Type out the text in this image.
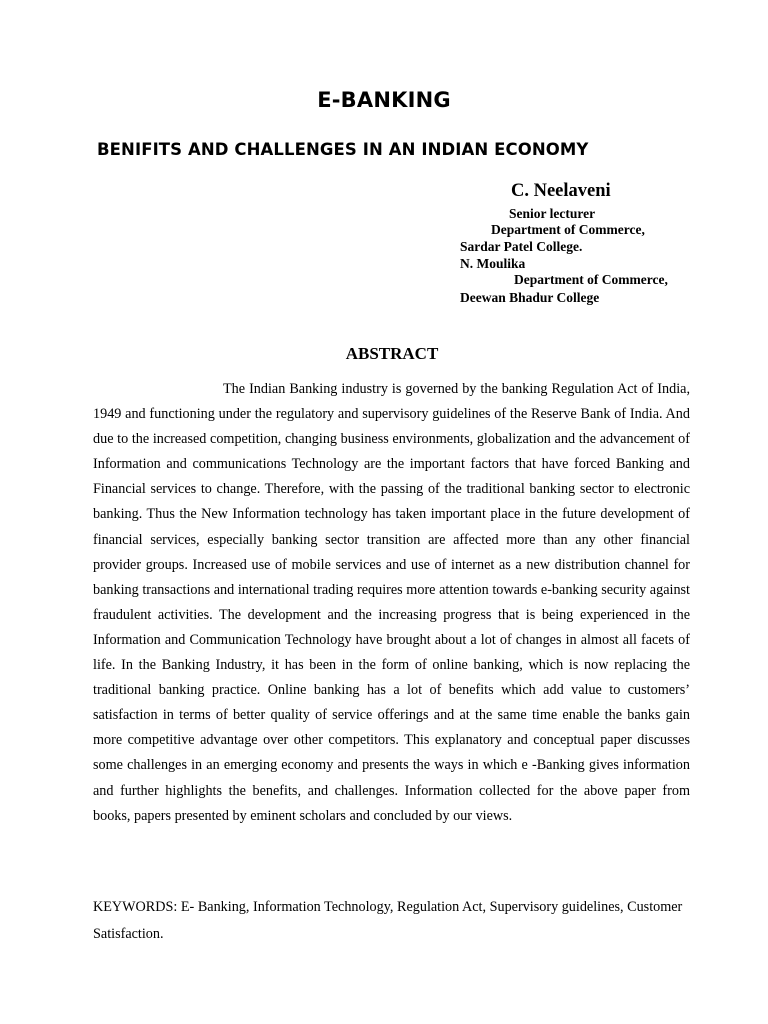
E-BANKING
BENIFITS AND CHALLENGES IN AN INDIAN ECONOMY

C. Neelaveni

Senior lecturer

Department of Commerce,

Sardar Patel College.

N. Moulika

Department of Commerce,

Deewan Bhadur College

ABSTRACT

The Indian Banking industry is governed by the banking Regulation Act of India, 1949 and functioning under the regulatory and supervisory guidelines of the Reserve Bank of India. And due to the increased competition, changing business environments, globalization and the advancement of Information and communications Technology are the important factors that have forced Banking and Financial services to change. Therefore, with the passing of the traditional banking sector to electronic banking. Thus the New Information technology has taken important place in the future development of financial services, especially banking sector transition are affected more than any other financial provider groups. Increased use of mobile services and use of internet as a new distribution channel for banking transactions and international trading requires more attention towards e-banking security against fraudulent activities. The development and the increasing progress that is being experienced in the Information and Communication Technology have brought about a lot of changes in almost all facets of life. In the Banking Industry, it has been in the form of online banking, which is now replacing the traditional banking practice. Online banking has a lot of benefits which add value to customers’ satisfaction in terms of better quality of service offerings and at the same time enable the banks gain more competitive advantage over other competitors. This explanatory and conceptual paper discusses some challenges in an emerging economy and presents the ways in which e -Banking gives information and further highlights the benefits, and challenges. Information collected for the above paper from books, papers presented by eminent scholars and concluded by our views.

KEYWORDS: E- Banking, Information Technology, Regulation Act, Supervisory guidelines, Customer Satisfaction.
